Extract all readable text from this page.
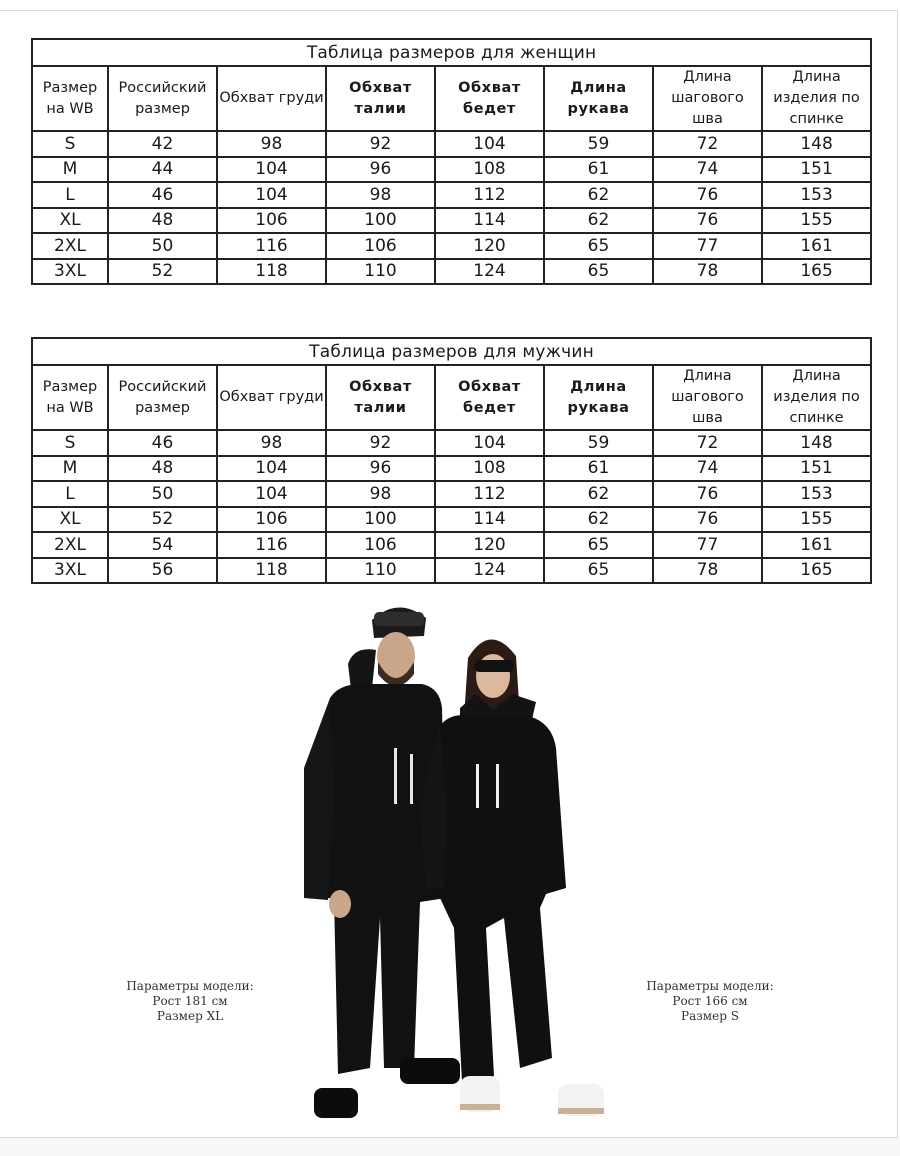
Таблица размеров для женщин							
Размер на WB	Российский размер	Обхват груди	Обхват талии	Обхват бедет	Длина рукава	Длина шагового шва	Длина изделия по спинке
S	42	98	92	104	59	72	148
M	44	104	96	108	61	74	151
L	46	104	98	112	62	76	153
XL	48	106	100	114	62	76	155
2XL	50	116	106	120	65	77	161
3XL	52	118	110	124	65	78	165
Таблица размеров для мужчин							
Размер на WB	Российский размер	Обхват груди	Обхват талии	Обхват бедет	Длина рукава	Длина шагового шва	Длина изделия по спинке
S	46	98	92	104	59	72	148
M	48	104	96	108	61	74	151
L	50	104	98	112	62	76	153
XL	52	106	100	114	62	76	155
2XL	54	116	106	120	65	77	161
3XL	56	118	110	124	65	78	165
Параметры модели:
Рост 181 см
Размер XL
Параметры модели:
Рост 166 см
Размер S
